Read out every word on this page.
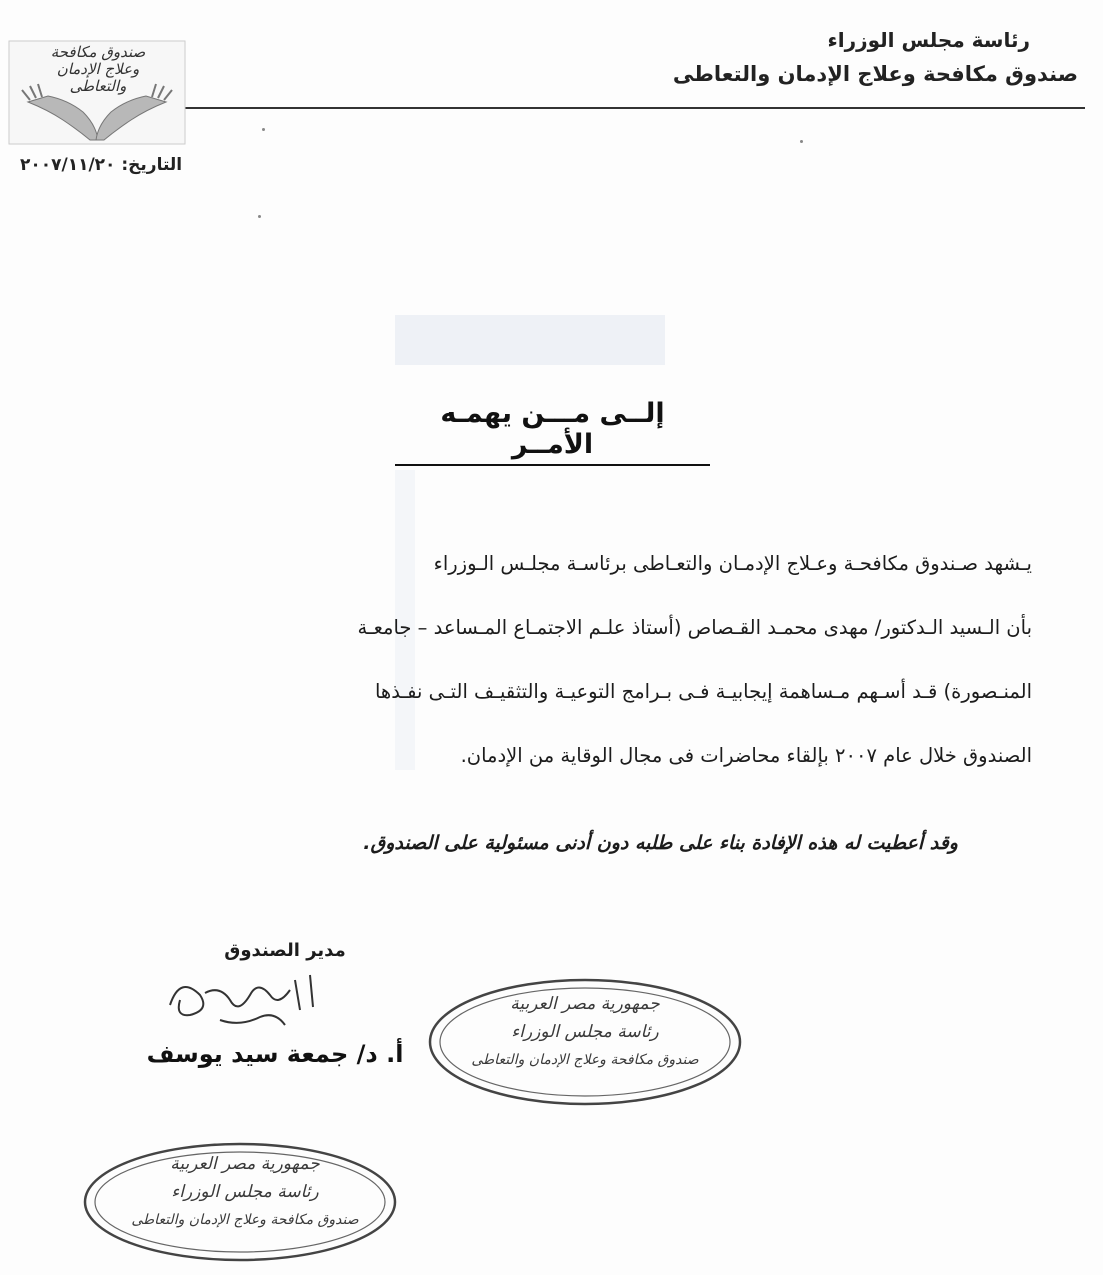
رئاسة مجلس الوزراء
صندوق مكافحة وعلاج الإدمان والتعاطى
صندوق مكافحة
وعلاج الإدمان
والتعاطى
التاريخ: ٢٠٠٧/١١/٢٠
إلــى مـــن يهمـه الأمــر

يـشهد صـندوق مكافحـة وعـلاج الإدمـان والتعـاطى برئاسـة مجلـس الـوزراء

بأن الـسيد الـدكتور/ مهدى محمـد القـصاص (أستاذ علـم الاجتمـاع المـساعد – جامعـة

المنـصورة) قـد أسـهم مـساهمة إيجابيـة فـى بـرامج التوعيـة والتثقيـف التـى نفـذها

الصندوق خلال عام ٢٠٠٧ بإلقاء محاضرات فى مجال الوقاية من الإدمان.

وقد أعطيت له هذه الإفادة بناء على طلبه دون أدنى مسئولية على الصندوق.
مدير الصندوق
أ. د/ جمعة سيد يوسف
جمهورية مصر العربية
رئاسة مجلس الوزراء
صندوق مكافحة وعلاج الإدمان والتعاطى
جمهورية مصر العربية
رئاسة مجلس الوزراء
صندوق مكافحة وعلاج الإدمان والتعاطى
